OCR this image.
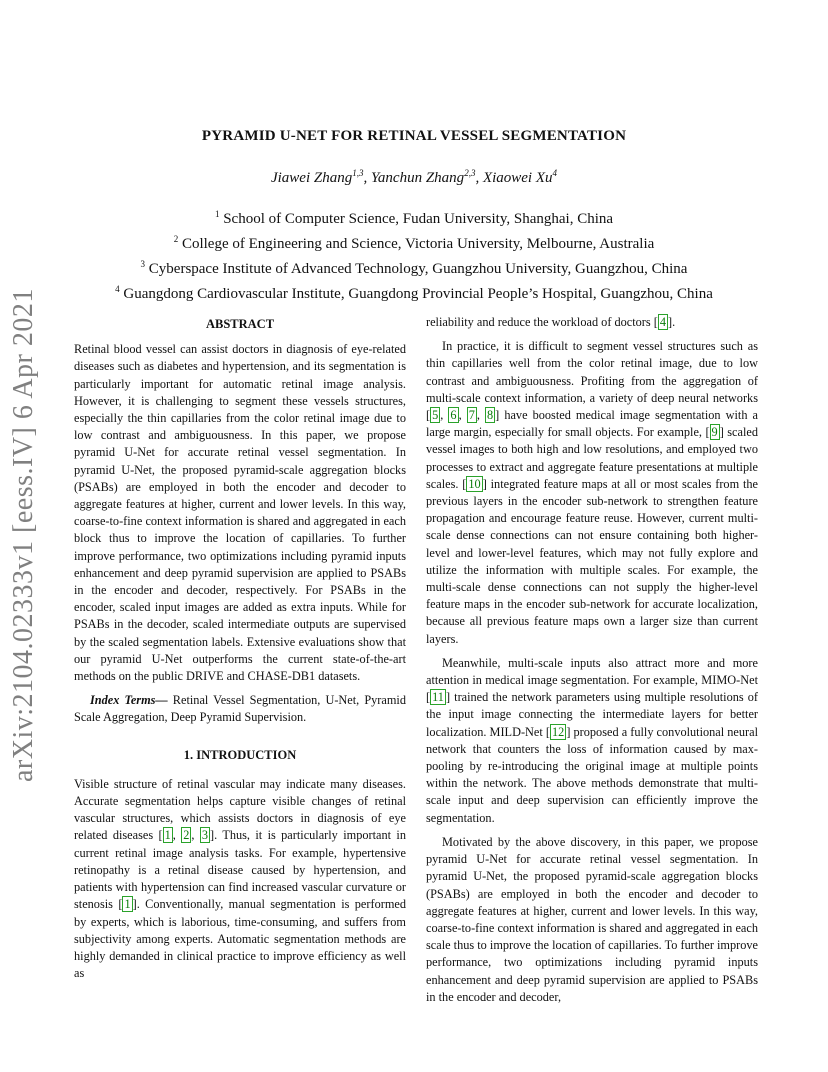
arXiv:2104.02333v1 [eess.IV] 6 Apr 2021
PYRAMID U-NET FOR RETINAL VESSEL SEGMENTATION
Jiawei Zhang$^{1,3}$, Yanchun Zhang$^{2,3}$, Xiaowei Xu$^4$
$^1$ School of Computer Science, Fudan University, Shanghai, China
$^2$ College of Engineering and Science, Victoria University, Melbourne, Australia
$^3$ Cyberspace Institute of Advanced Technology, Guangzhou University, Guangzhou, China
$^4$ Guangdong Cardiovascular Institute, Guangdong Provincial People’s Hospital, Guangzhou, China
ABSTRACT

Retinal blood vessel can assist doctors in diagnosis of eye-related diseases such as diabetes and hypertension, and its segmentation is particularly important for automatic retinal image analysis. However, it is challenging to segment these vessels structures, especially the thin capillaries from the color retinal image due to low contrast and ambiguousness. In this paper, we propose pyramid U-Net for accurate retinal vessel segmentation. In pyramid U-Net, the proposed pyramid-scale aggregation blocks (PSABs) are employed in both the encoder and decoder to aggregate features at higher, current and lower levels. In this way, coarse-to-fine context information is shared and aggregated in each block thus to improve the location of capillaries. To further improve performance, two optimizations including pyramid inputs enhancement and deep pyramid supervision are applied to PSABs in the encoder and decoder, respectively. For PSABs in the encoder, scaled input images are added as extra inputs. While for PSABs in the decoder, scaled intermediate outputs are supervised by the scaled segmentation labels. Extensive evaluations show that our pyramid U-Net outperforms the current state-of-the-art methods on the public DRIVE and CHASE-DB1 datasets.

Index Terms— Retinal Vessel Segmentation, U-Net, Pyramid Scale Aggregation, Deep Pyramid Supervision.

1. INTRODUCTION

Visible structure of retinal vascular may indicate many diseases. Accurate segmentation helps capture visible changes of retinal vascular structures, which assists doctors in diagnosis of eye related diseases [ 1 , 2 , 3 ]. Thus, it is particularly important in current retinal image analysis tasks. For example, hypertensive retinopathy is a retinal disease caused by hypertension, and patients with hypertension can find increased vascular curvature or stenosis [ 1 ]. Conventionally, manual segmentation is performed by experts, which is laborious, time-consuming, and suffers from subjectivity among experts. Automatic segmentation methods are highly demanded in clinical practice to improve efficiency as well as

reliability and reduce the workload of doctors [ 4 ].

In practice, it is difficult to segment vessel structures such as thin capillaries well from the color retinal image, due to low contrast and ambiguousness. Profiting from the aggregation of multi-scale context information, a variety of deep neural networks [ 5 , 6 , 7 , 8 ] have boosted medical image segmentation with a large margin, especially for small objects. For example, [ 9 ] scaled vessel images to both high and low resolutions, and employed two processes to extract and aggregate feature presentations at multiple scales. [ 10 ] integrated feature maps at all or most scales from the previous layers in the encoder sub-network to strengthen feature propagation and encourage feature reuse. However, current multi-scale dense connections can not ensure containing both higher-level and lower-level features, which may not fully explore and utilize the information with multiple scales. For example, the multi-scale dense connections can not supply the higher-level feature maps in the encoder sub-network for accurate localization, because all previous feature maps own a larger size than current layers.

Meanwhile, multi-scale inputs also attract more and more attention in medical image segmentation. For example, MIMO-Net [ 11 ] trained the network parameters using multiple resolutions of the input image connecting the intermediate layers for better localization. MILD-Net [ 12 ] proposed a fully convolutional neural network that counters the loss of information caused by max-pooling by re-introducing the original image at multiple points within the network. The above methods demonstrate that multi-scale input and deep supervision can efficiently improve the segmentation.

Motivated by the above discovery, in this paper, we propose pyramid U-Net for accurate retinal vessel segmentation. In pyramid U-Net, the proposed pyramid-scale aggregation blocks (PSABs) are employed in both the encoder and decoder to aggregate features at higher, current and lower levels. In this way, coarse-to-fine context information is shared and aggregated in each scale thus to improve the location of capillaries. To further improve performance, two optimizations including pyramid inputs enhancement and deep pyramid supervision are applied to PSABs in the encoder and decoder,
